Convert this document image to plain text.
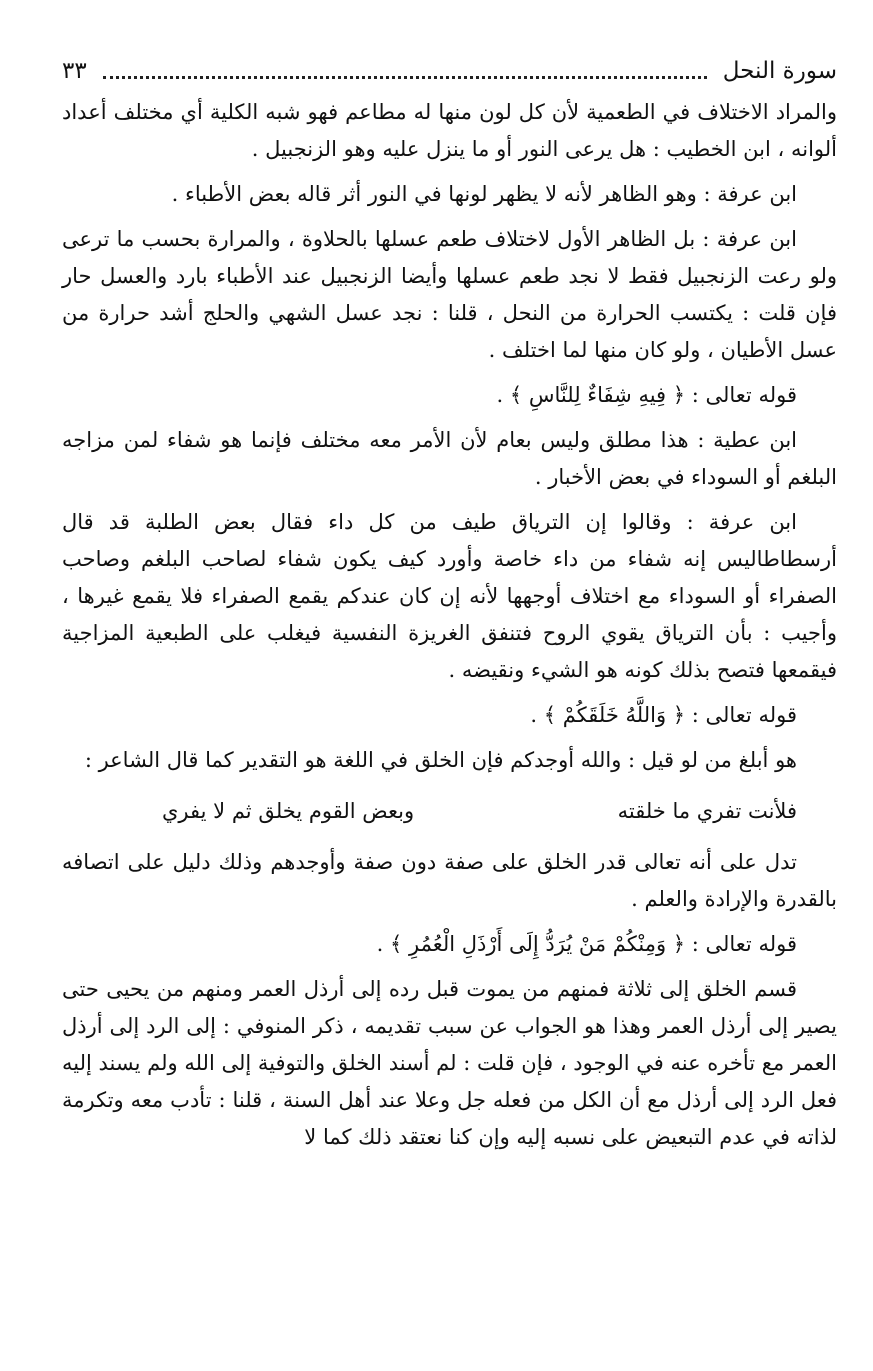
سورة النحل
٣٣

والمراد الاختلاف في الطعمية لأن كل لون منها له مطاعم فهو شبه الكلية أي مختلف أعداد ألوانه ، ابن الخطيب : هل يرعى النور أو ما ينزل عليه وهو الزنجبيل .

ابن عرفة : وهو الظاهر لأنه لا يظهر لونها في النور أثر قاله بعض الأطباء .

ابن عرفة : بل الظاهر الأول لاختلاف طعم عسلها بالحلاوة ، والمرارة بحسب ما ترعى ولو رعت الزنجبيل فقط لا نجد طعم عسلها وأيضا الزنجبيل عند الأطباء بارد والعسل حار فإن قلت : يكتسب الحرارة من النحل ، قلنا : نجد عسل الشهي والحلج أشد حرارة من عسل الأطيان ، ولو كان منها لما اختلف .

قوله تعالى : ﴿ فِيهِ شِفَاءٌ لِلنَّاسِ ﴾ .

ابن عطية : هذا مطلق وليس بعام لأن الأمر معه مختلف فإنما هو شفاء لمن مزاجه البلغم أو السوداء في بعض الأخبار .

ابن عرفة : وقالوا إن الترياق طيف من كل داء فقال بعض الطلبة قد قال أرسطاطاليس إنه شفاء من داء خاصة وأورد كيف يكون شفاء لصاحب البلغم وصاحب الصفراء أو السوداء مع اختلاف أوجهها لأنه إن كان عندكم يقمع الصفراء فلا يقمع غيرها ، وأجيب : بأن الترياق يقوي الروح فتنفق الغريزة النفسية فيغلب على الطبعية المزاجية فيقمعها فتصح بذلك كونه هو الشيء ونقيضه .

قوله تعالى : ﴿ وَاللَّهُ خَلَقَكُمْ ﴾ .

هو أبلغ من لو قيل : والله أوجدكم فإن الخلق في اللغة هو التقدير كما قال الشاعر :

فلأنت تفري ما خلقته
وبعض القوم يخلق ثم لا يفري

تدل على أنه تعالى قدر الخلق على صفة دون صفة وأوجدهم وذلك دليل على اتصافه بالقدرة والإرادة والعلم .

قوله تعالى : ﴿ وَمِنْكُمْ مَنْ يُرَدُّ إِلَى أَرْذَلِ الْعُمُرِ ﴾ .

قسم الخلق إلى ثلاثة فمنهم من يموت قبل رده إلى أرذل العمر ومنهم من يحيى حتى يصير إلى أرذل العمر وهذا هو الجواب عن سبب تقديمه ، ذكر المنوفي : إلى الرد إلى أرذل العمر مع تأخره عنه في الوجود ، فإن قلت : لم أسند الخلق والتوفية إلى الله ولم يسند إليه فعل الرد إلى أرذل مع أن الكل من فعله جل وعلا عند أهل السنة ، قلنا : تأدب معه وتكرمة لذاته في عدم التبعيض على نسبه إليه وإن كنا نعتقد ذلك كما لا
